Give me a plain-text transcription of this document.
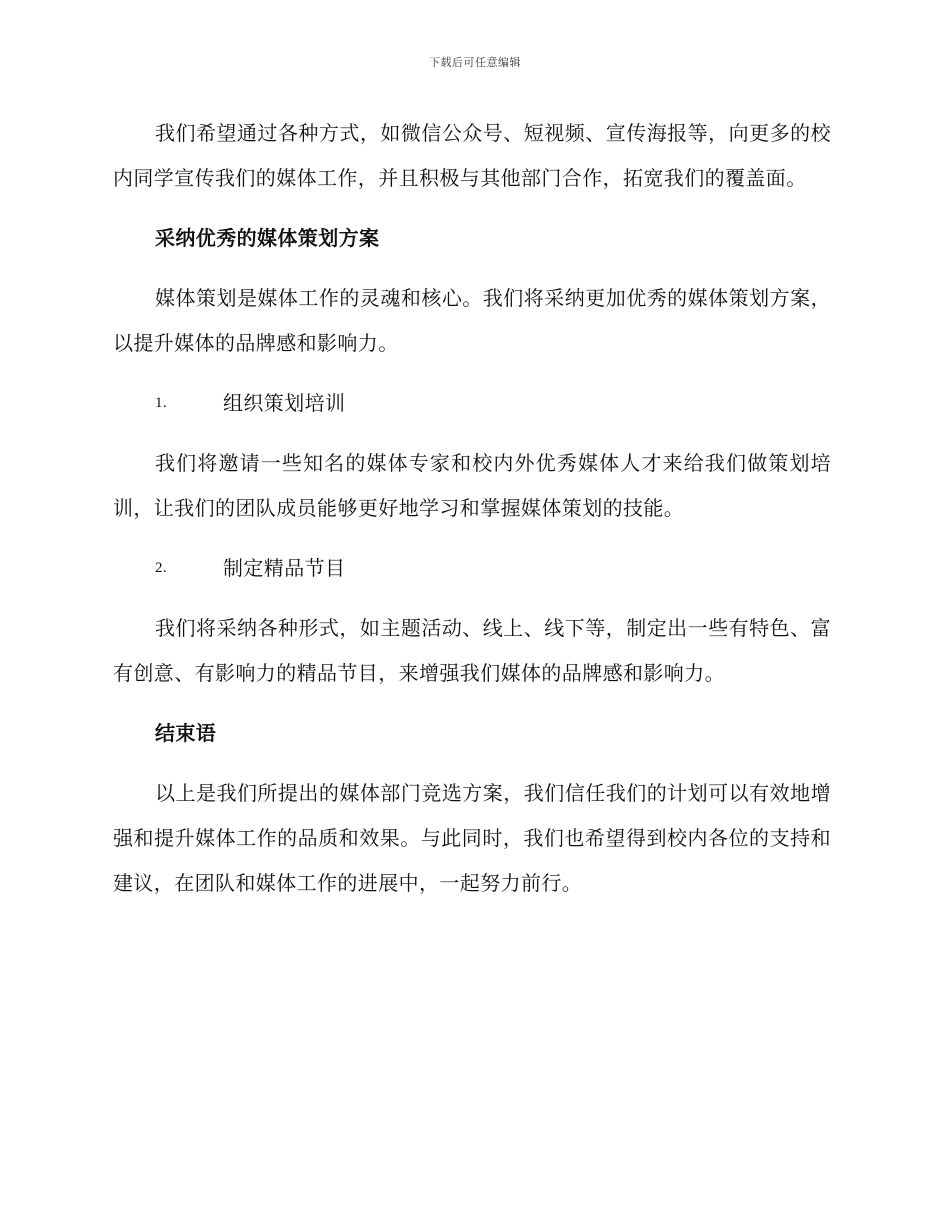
下载后可任意编辑

我们希望通过各种方式，如微信公众号、短视频、宣传海报等，向更多的校内同学宣传我们的媒体工作，并且积极与其他部门合作，拓宽我们的覆盖面。

采纳优秀的媒体策划方案

媒体策划是媒体工作的灵魂和核心。我们将采纳更加优秀的媒体策划方案，以提升媒体的品牌感和影响力。

1.	组织策划培训

我们将邀请一些知名的媒体专家和校内外优秀媒体人才来给我们做策划培训，让我们的团队成员能够更好地学习和掌握媒体策划的技能。

2.	制定精品节目

我们将采纳各种形式，如主题活动、线上、线下等，制定出一些有特色、富有创意、有影响力的精品节目，来增强我们媒体的品牌感和影响力。

结束语

以上是我们所提出的媒体部门竞选方案，我们信任我们的计划可以有效地增强和提升媒体工作的品质和效果。与此同时，我们也希望得到校内各位的支持和建议，在团队和媒体工作的进展中，一起努力前行。
